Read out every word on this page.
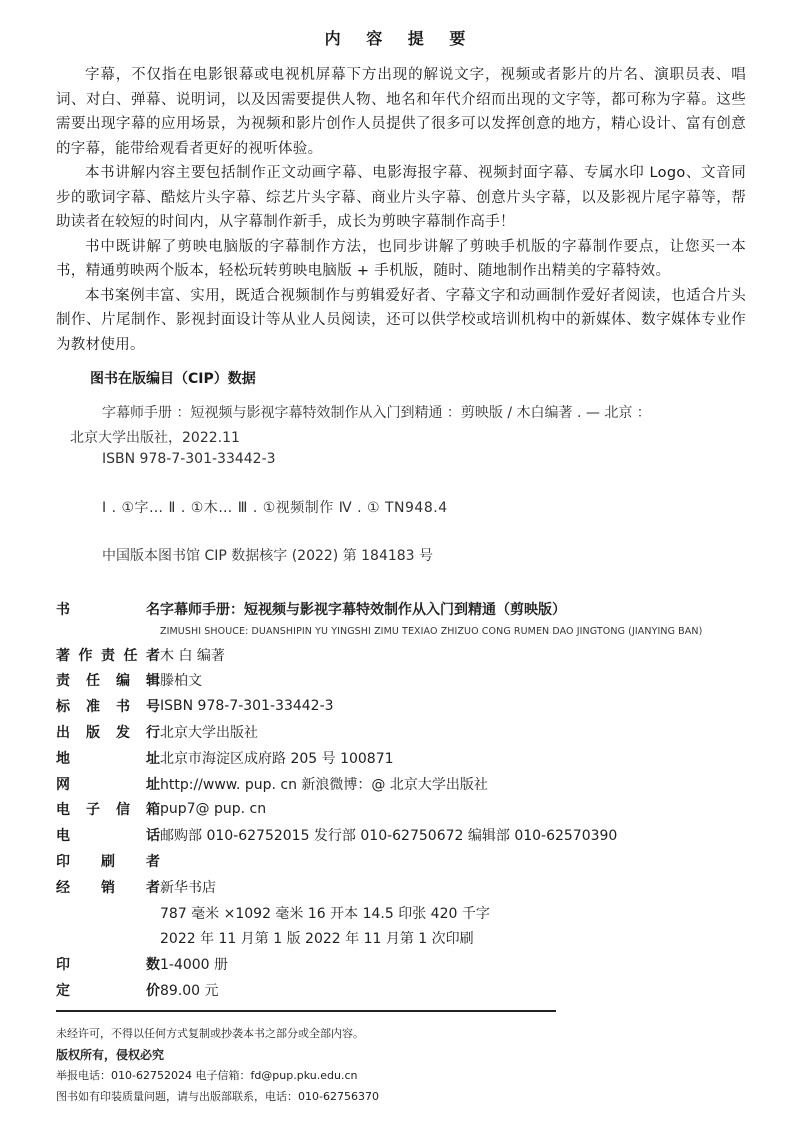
内 容 提 要

字幕，不仅指在电影银幕或电视机屏幕下方出现的解说文字，视频或者影片的片名、演职员表、唱词、对白、弹幕、说明词，以及因需要提供人物、地名和年代介绍而出现的文字等，都可称为字幕。这些需要出现字幕的应用场景，为视频和影片创作人员提供了很多可以发挥创意的地方，精心设计、富有创意的字幕，能带给观看者更好的视听体验。

本书讲解内容主要包括制作正文动画字幕、电影海报字幕、视频封面字幕、专属水印 Logo、文音同步的歌词字幕、酷炫片头字幕、综艺片头字幕、商业片头字幕、创意片头字幕，以及影视片尾字幕等，帮助读者在较短的时间内，从字幕制作新手，成长为剪映字幕制作高手！

书中既讲解了剪映电脑版的字幕制作方法，也同步讲解了剪映手机版的字幕制作要点，让您买一本书，精通剪映两个版本，轻松玩转剪映电脑版 + 手机版，随时、随地制作出精美的字幕特效。

本书案例丰富、实用，既适合视频制作与剪辑爱好者、字幕文字和动画制作爱好者阅读，也适合片头制作、片尾制作、影视封面设计等从业人员阅读，还可以供学校或培训机构中的新媒体、数字媒体专业作为教材使用。

图书在版编目（CIP）数据
字幕师手册 ：短视频与影视字幕特效制作从入门到精通 ：剪映版 / 木白编著 . — 北京 ：
北京大学出版社，2022.11
ISBN 978-7-301-33442-3
Ⅰ . ①字… Ⅱ . ①木… Ⅲ . ①视频制作 Ⅳ . ① TN948.4
中国版本图书馆 CIP 数据核字 (2022) 第 184183 号
书名 字幕师手册：短视频与影视字幕特效制作从入门到精通（剪映版）
ZIMUSHI SHOUCE: DUANSHIPIN YU YINGSHI ZIMU TEXIAO ZHIZUO CONG RUMEN DAO JINGTONG (JIANYING BAN)
著作责任者 木 白 编著
责任编辑 滕柏文
标准书号 ISBN 978-7-301-33442-3
出版发行 北京大学出版社
地址 北京市海淀区成府路 205 号 100871
网址 http://www. pup. cn 新浪微博：@ 北京大学出版社
电子信箱 pup7@ pup. cn
电话 邮购部 010-62752015 发行部 010-62750672 编辑部 010-62570390
印刷者
经销者 新华书店
787 毫米 ×1092 毫米 16 开本 14.5 印张 420 千字
2022 年 11 月第 1 版 2022 年 11 月第 1 次印刷
印数 1-4000 册
定价 89.00 元
未经许可，不得以任何方式复制或抄袭本书之部分或全部内容。
版权所有，侵权必究
举报电话：010-62752024 电子信箱：fd@pup.pku.edu.cn
图书如有印装质量问题，请与出版部联系，电话：010-62756370
